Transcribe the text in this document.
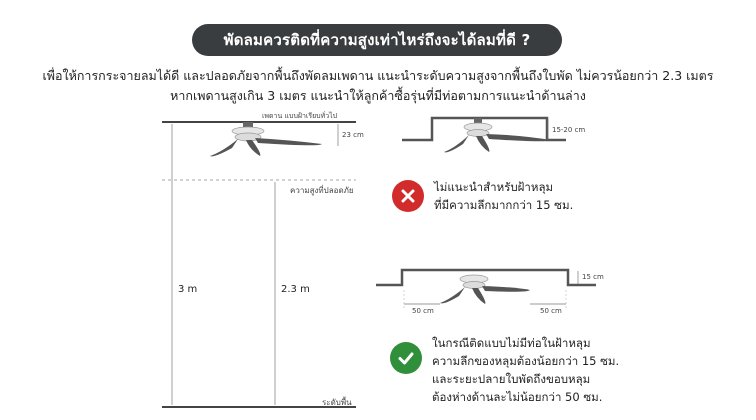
พัดลมควรติดที่ความสูงเท่าไหร่ถึงจะได้ลมที่ดี ?
เพื่อให้การกระจายลมได้ดี และปลอดภัยจากพื้นถึงพัดลมเพดาน แนะนำระดับความสูงจากพื้นถึงใบพัด ไม่ควรน้อยกว่า 2.3 เมตร
หากเพดานสูงเกิน 3 เมตร แนะนำให้ลูกค้าซื้อรุ่นที่มีท่อตามการแนะนำด้านล่าง
เพดาน แบบฝ้าเรียบทั่วไป
23 cm
ความสูงที่ปลอดภัย
3 m	2.3 m
ระดับพื้น
15-20 cm
ไม่แนะนำสำหรับฝ้าหลุม
ที่มีความลึกมากกว่า 15 ซม.
15 cm
50 cm	50 cm
ในกรณีติดแบบไม่มีท่อในฝ้าหลุม
ความลึกของหลุมต้องน้อยกว่า 15 ซม.
และระยะปลายใบพัดถึงขอบหลุม
ต้องห่างด้านละไม่น้อยกว่า 50 ซม.
